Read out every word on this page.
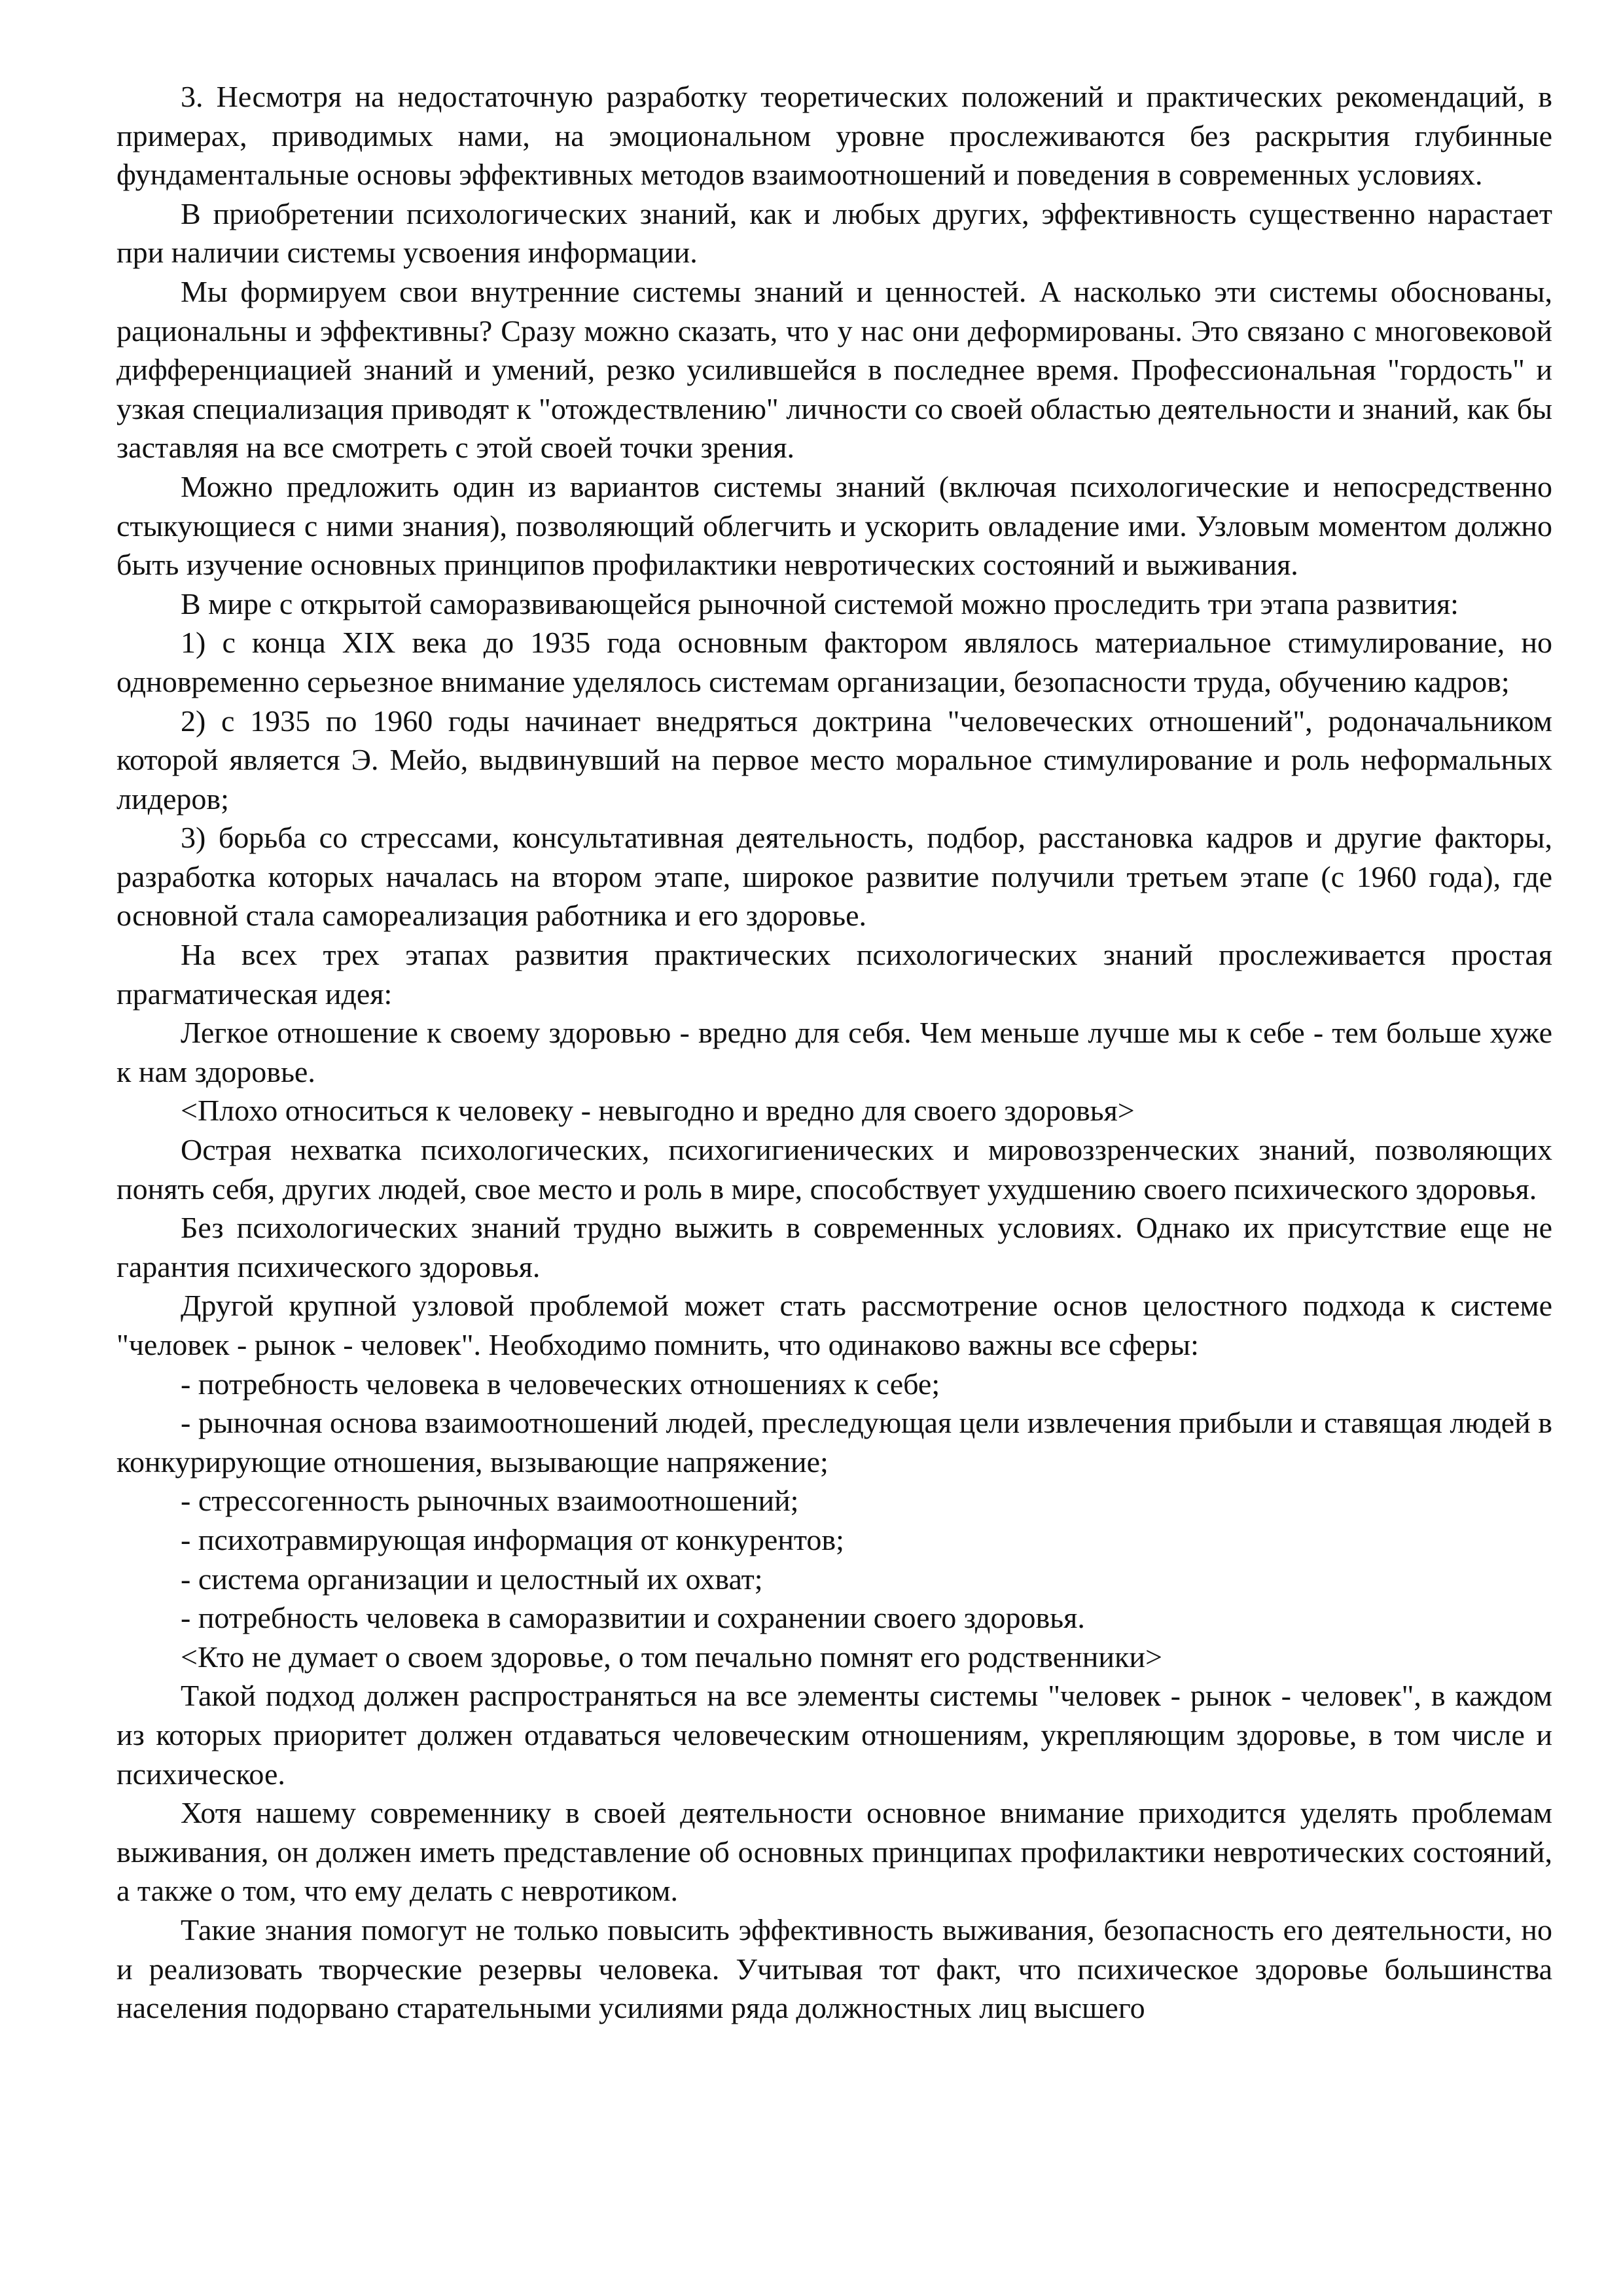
3. Несмотря на недостаточную разработку теоретических положений и практических рекомендаций, в примерах, приводимых нами, на эмоциональном уровне прослеживаются без раскрытия глубинные фундаментальные основы эффективных методов взаимоотношений и поведения в современных условиях.

В приобретении психологических знаний, как и любых других, эффективность существенно нарастает при наличии системы усвоения информации.

Мы формируем свои внутренние системы знаний и ценностей. А насколько эти системы обоснованы, рациональны и эффективны? Сразу можно сказать, что у нас они деформированы. Это связано с многовековой дифференциацией знаний и умений, резко усилившейся в последнее время. Профессиональная "гордость" и узкая специализация приводят к "отождествлению" личности со своей областью деятельности и знаний, как бы заставляя на все смотреть с этой своей точки зрения.

Можно предложить один из вариантов системы знаний (включая психологические и непосредственно стыкующиеся с ними знания), позволяющий облегчить и ускорить овладение ими. Узловым моментом должно быть изучение основных принципов профилактики невротических состояний и выживания.

В мире с открытой саморазвивающейся рыночной системой можно проследить три этапа развития:

1) с конца XIX века до 1935 года основным фактором являлось материальное стимулирование, но одновременно серьезное внимание уделялось системам организации, безопасности труда, обучению кадров;

2) с 1935 по 1960 годы начинает внедряться доктрина "человеческих отношений", родоначальником которой является Э. Мейо, выдвинувший на первое место моральное стимулирование и роль неформальных лидеров;

3) борьба со стрессами, консультативная деятельность, подбор, расстановка кадров и другие факторы, разработка которых началась на втором этапе, широкое развитие получили третьем этапе (с 1960 года), где основной стала самореализация работника и его здоровье.

На всех трех этапах развития практических психологических знаний прослеживается простая прагматическая идея:

Легкое отношение к своему здоровью - вредно для себя. Чем меньше лучше мы к себе - тем больше хуже к нам здоровье.

<Плохо относиться к человеку - невыгодно и вредно для своего здоровья>

Острая нехватка психологических, психогигиенических и мировоззренческих знаний, позволяющих понять себя, других людей, свое место и роль в мире, способствует ухудшению своего психического здоровья.

Без психологических знаний трудно выжить в современных условиях. Однако их присутствие еще не гарантия психического здоровья.

Другой крупной узловой проблемой может стать рассмотрение основ целостного подхода к системе "человек - рынок - человек". Необходимо помнить, что одинаково важны все сферы:

- потребность человека в человеческих отношениях к себе;

- рыночная основа взаимоотношений людей, преследующая цели извлечения прибыли и ставящая людей в конкурирующие отношения, вызывающие напряжение;

- стрессогенность рыночных взаимоотношений;

- психотравмирующая информация от конкурентов;

- система организации и целостный их охват;

- потребность человека в саморазвитии и сохранении своего здоровья.

<Кто не думает о своем здоровье, о том печально помнят его родственники>

Такой подход должен распространяться на все элементы системы "человек - рынок - человек", в каждом из которых приоритет должен отдаваться человеческим отношениям, укрепляющим здоровье, в том числе и психическое.

Хотя нашему современнику в своей деятельности основное внимание приходится уделять проблемам выживания, он должен иметь представление об основных принципах профилактики невротических состояний, а также о том, что ему делать с невротиком.

Такие знания помогут не только повысить эффективность выживания, безопасность его деятельности, но и реализовать творческие резервы человека. Учитывая тот факт, что психическое здоровье большинства населения подорвано старательными усилиями ряда должностных лиц высшего
